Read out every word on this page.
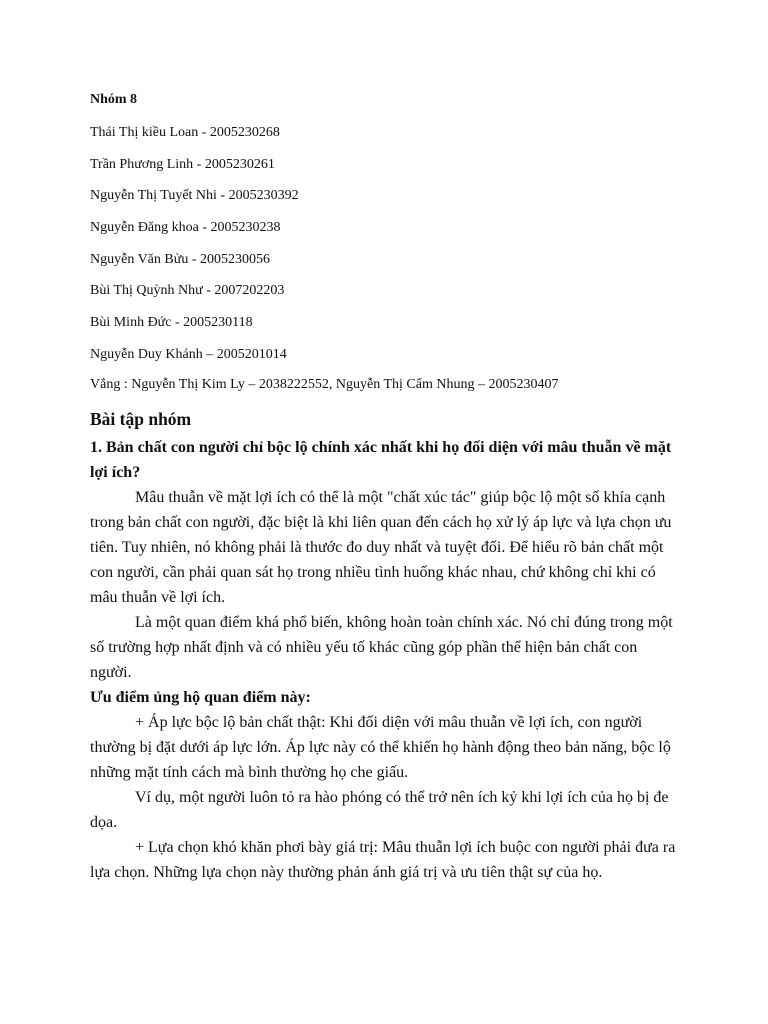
Nhóm 8
Thái Thị kiều Loan - 2005230268
Trần Phương Linh - 2005230261
Nguyễn Thị Tuyết Nhi - 2005230392
Nguyễn Đăng khoa - 2005230238
Nguyễn Văn Bửu - 2005230056
Bùi Thị Quỳnh Như - 2007202203
Bùi Minh Đức - 2005230118
Nguyễn Duy Khánh – 2005201014
Vắng : Nguyễn Thị Kim Ly – 2038222552, Nguyễn Thị Cẩm Nhung – 2005230407
Bài tập nhóm

1. Bản chất con người chỉ bộc lộ chính xác nhất khi họ đối diện với mâu thuẫn về mặt lợi ích?

Mâu thuẫn về mặt lợi ích có thể là một "chất xúc tác" giúp bộc lộ một số khía cạnh trong bản chất con người, đặc biệt là khi liên quan đến cách họ xử lý áp lực và lựa chọn ưu tiên. Tuy nhiên, nó không phải là thước đo duy nhất và tuyệt đối. Để hiểu rõ bản chất một con người, cần phải quan sát họ trong nhiều tình huống khác nhau, chứ không chỉ khi có mâu thuẫn về lợi ích.

Là một quan điểm khá phổ biến, không hoàn toàn chính xác. Nó chỉ đúng trong một số trường hợp nhất định và có nhiều yếu tố khác cũng góp phần thể hiện bản chất con người.

Ưu điểm ủng hộ quan điểm này:

+ Áp lực bộc lộ bản chất thật: Khi đối diện với mâu thuẫn về lợi ích, con người thường bị đặt dưới áp lực lớn. Áp lực này có thể khiến họ hành động theo bản năng, bộc lộ những mặt tính cách mà bình thường họ che giấu.

Ví dụ, một người luôn tỏ ra hào phóng có thể trở nên ích kỷ khi lợi ích của họ bị đe dọa.

+ Lựa chọn khó khăn phơi bày giá trị: Mâu thuẫn lợi ích buộc con người phải đưa ra lựa chọn. Những lựa chọn này thường phản ánh giá trị và ưu tiên thật sự của họ.
